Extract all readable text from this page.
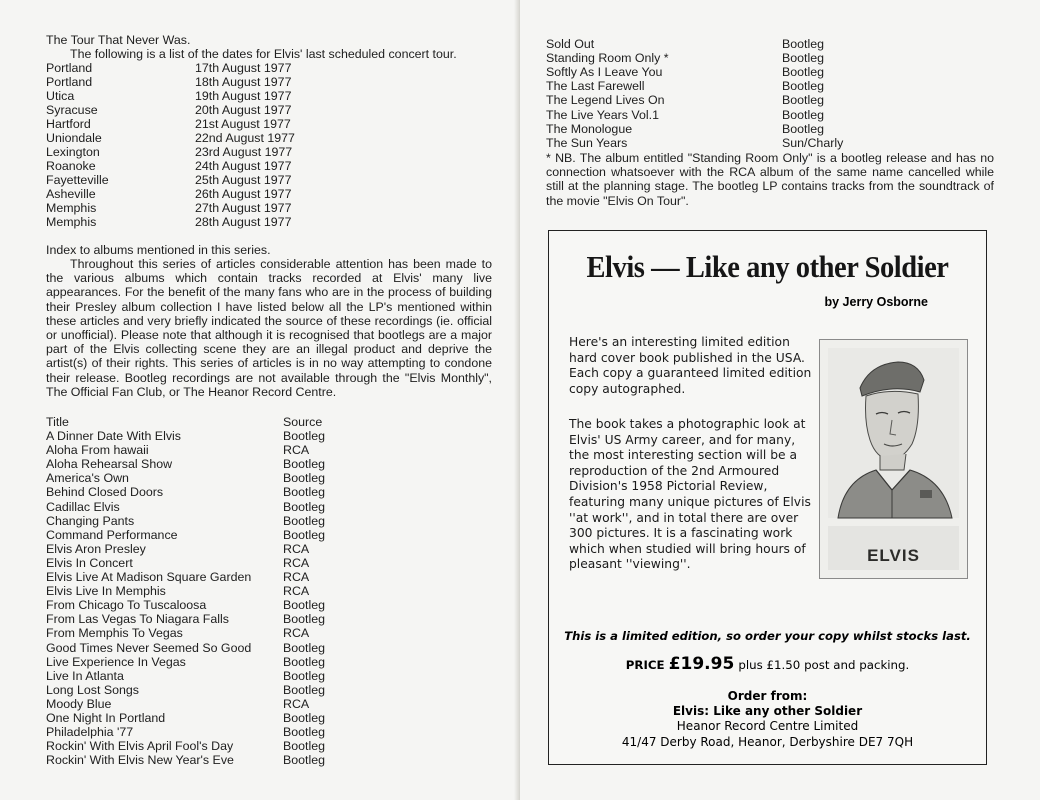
The Tour That Never Was.
The following is a list of the dates for Elvis' last scheduled concert tour.
Portland	17th August 1977
Portland	18th August 1977
Utica	19th August 1977
Syracuse	20th August 1977
Hartford	21st August 1977
Uniondale	22nd August 1977
Lexington	23rd August 1977
Roanoke	24th August 1977
Fayetteville	25th August 1977
Asheville	26th August 1977
Memphis	27th August 1977
Memphis	28th August 1977
Index to albums mentioned in this series.
Throughout this series of articles considerable attention has been made to the various albums which contain tracks recorded at Elvis' many live appearances. For the benefit of the many fans who are in the process of building their Presley album collection I have listed below all the LP's mentioned within these articles and very briefly indicated the source of these recordings (ie. official or unofficial). Please note that although it is recognised that bootlegs are a major part of the Elvis collecting scene they are an illegal product and deprive the artist(s) of their rights. This series of articles is in no way attempting to condone their release. Bootleg recordings are not available through the "Elvis Monthly", The Official Fan Club, or The Heanor Record Centre.
Title	Source
A Dinner Date With Elvis	Bootleg
Aloha From hawaii	RCA
Aloha Rehearsal Show	Bootleg
America's Own	Bootleg
Behind Closed Doors	Bootleg
Cadillac Elvis	Bootleg
Changing Pants	Bootleg
Command Performance	Bootleg
Elvis Aron Presley	RCA
Elvis In Concert	RCA
Elvis Live At Madison Square Garden	RCA
Elvis Live In Memphis	RCA
From Chicago To Tuscaloosa	Bootleg
From Las Vegas To Niagara Falls	Bootleg
From Memphis To Vegas	RCA
Good Times Never Seemed So Good	Bootleg
Live Experience In Vegas	Bootleg
Live In Atlanta	Bootleg
Long Lost Songs	Bootleg
Moody Blue	RCA
One Night In Portland	Bootleg
Philadelphia '77	Bootleg
Rockin' With Elvis April Fool's Day	Bootleg
Rockin' With Elvis New Year's Eve	Bootleg
Sold Out	Bootleg
Standing Room Only *	Bootleg
Softly As I Leave You	Bootleg
The Last Farewell	Bootleg
The Legend Lives On	Bootleg
The Live Years Vol.1	Bootleg
The Monologue	Bootleg
The Sun Years	Sun/Charly
* NB. The album entitled "Standing Room Only" is a bootleg release and has no connection whatsoever with the RCA album of the same name cancelled while still at the planning stage. The bootleg LP contains tracks from the soundtrack of the movie "Elvis On Tour".
Elvis — Like any other Soldier
by Jerry Osborne
Here's an interesting limited edition hard cover book published in the USA. Each copy a guaranteed limited edition copy autographed.
The book takes a photographic look at Elvis' US Army career, and for many, the most interesting section will be a reproduction of the 2nd Armoured Division's 1958 Pictorial Review, featuring many unique pictures of Elvis ''at work'', and in total there are over 300 pictures. It is a fascinating work which when studied will bring hours of pleasant ''viewing''.	ELVIS
This is a limited edition, so order your copy whilst stocks last.
PRICE £19.95 plus £1.50 post and packing.
Order from:
Elvis: Like any other Soldier
Heanor Record Centre Limited
41/47 Derby Road, Heanor, Derbyshire DE7 7QH
